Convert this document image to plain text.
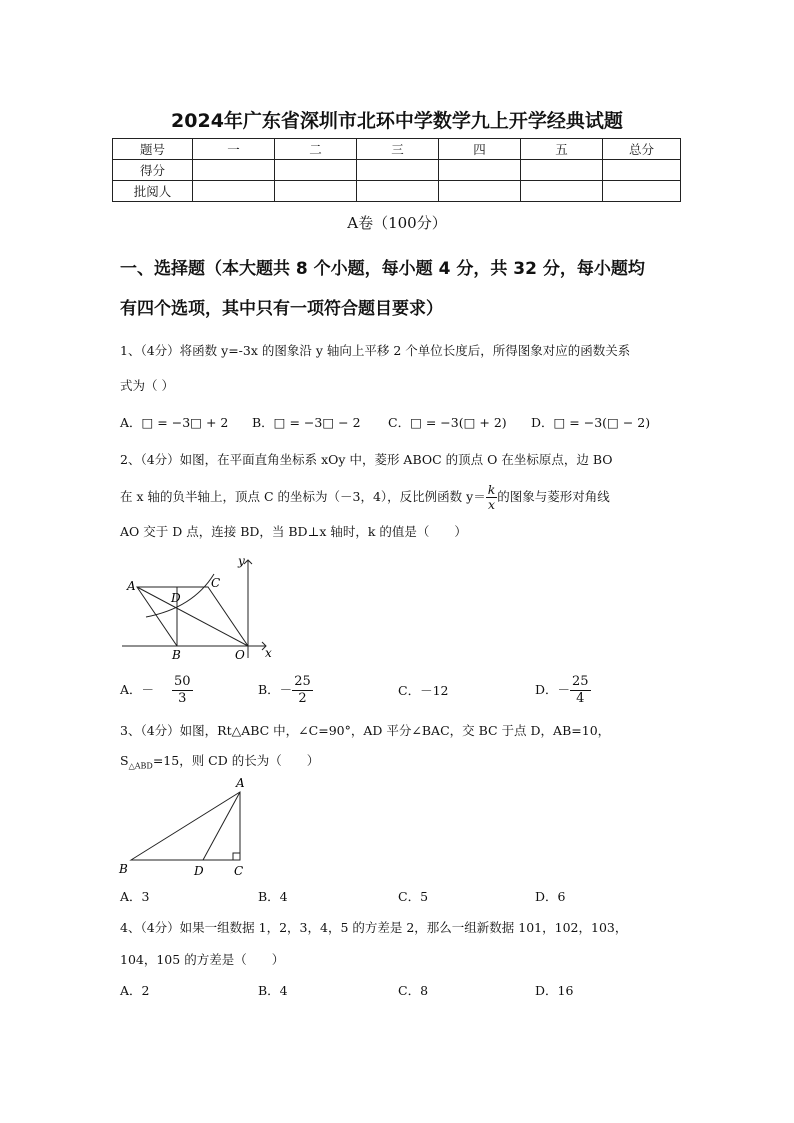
2024年广东省深圳市北环中学数学九上开学经典试题
题号	一	二	三	四	五	总分
得分						
批阅人						
A卷（100分）
一、选择题（本大题共 8 个小题，每小题 4 分，共 32 分，每小题均
有四个选项，其中只有一项符合题目要求）
1、（4分）将函数 y=-3x 的图象沿 y 轴向上平移 2 个单位长度后，所得图象对应的函数关系
式为（ ）
A．□ = −3□ + 2 B．□ = −3□ − 2 C．□ = −3(□ + 2) D．□ = −3(□ − 2)
2、（4分）如图，在平面直角坐标系 xOy 中，菱形 ABOC 的顶点 O 在坐标原点，边 BO
在 x 轴的负半轴上，顶点 C 的坐标为（－3，4），反比例函数 $y= \frac{k}{x}$ 的图象与菱形对角线
AO 交于 D 点，连接 BD，当 BD⊥x 轴时，k 的值是（　　）
A
D
C
B	O x
y
A．－ $\frac{50}{3}$	B．－ $\frac{25}{2}$	C．－12	D．－ $\frac{25}{4}$
3、（4分）如图，Rt△ABC 中，∠C=90°，AD 平分∠BAC，交 BC 于点 D，AB=10，
$S_{\triangle ABD}=15$，则 CD 的长为（　　）
A
B	D	C
A．3	B．4	C．5	D．6
4、（4分）如果一组数据 1，2，3，4，5 的方差是 2，那么一组新数据 101，102，103，
104，105 的方差是（　　）
A．2	B．4	C．8	D．16
